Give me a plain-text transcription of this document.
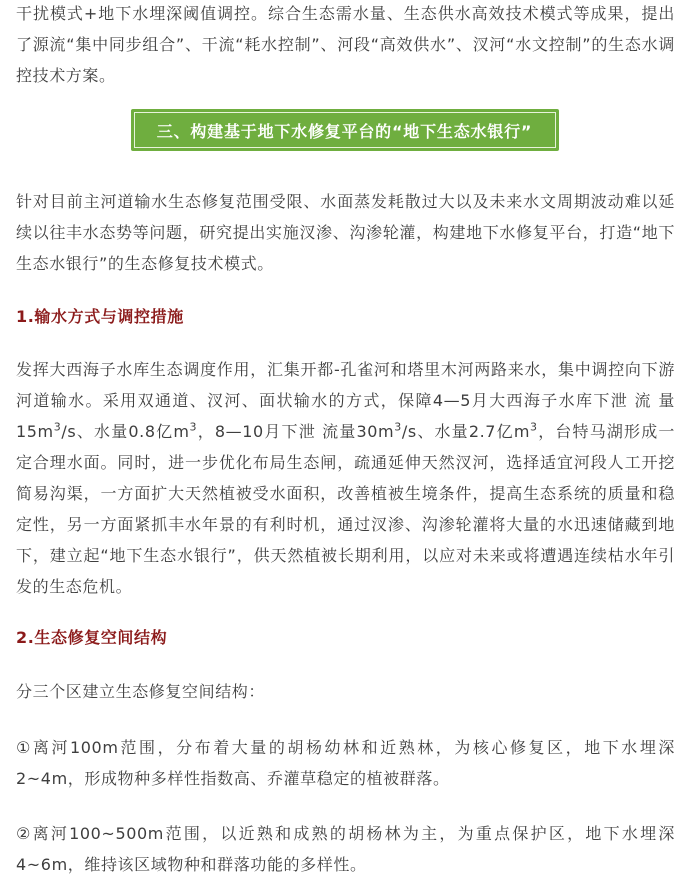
干扰模式+地下水埋深阈值调控。综合生态需水量、生态供水高效技术模式等成果，提出了源流“集中同步组合”、干流“耗水控制”、河段“高效供水”、汊河“水文控制”的生态水调控技术方案。

三、构建基于地下水修复平台的“地下生态水银行”

针对目前主河道输水生态修复范围受限、水面蒸发耗散过大以及未来水文周期波动难以延续以往丰水态势等问题，研究提出实施汊渗、沟渗轮灌，构建地下水修复平台，打造“地下生态水银行”的生态修复技术模式。

1.输水方式与调控措施

发挥大西海子水库生态调度作用，汇集开都-孔雀河和塔里木河两路来水，集中调控向下游河道输水。采用双通道、汊河、面状输水的方式，保障4—5月大西海子水库下泄 流 量$15m^3/s$、水量0.8亿$m^3$，8—10月下泄 流量$30m^3/s$、水量2.7亿$m^3$，台特马湖形成一定合理水面。同时，进一步优化布局生态闸，疏通延伸天然汊河，选择适宜河段人工开挖简易沟渠，一方面扩大天然植被受水面积，改善植被生境条件，提高生态系统的质量和稳定性，另一方面紧抓丰水年景的有利时机，通过汊渗、沟渗轮灌将大量的水迅速储藏到地下，建立起“地下生态水银行”，供天然植被长期利用，以应对未来或将遭遇连续枯水年引发的生态危机。

2.生态修复空间结构

分三个区建立生态修复空间结构：

①离河100m范围，分布着大量的胡杨幼林和近熟林，为核心修复区，地下水埋深2~4m，形成物种多样性指数高、乔灌草稳定的植被群落。

②离河100~500m范围，以近熟和成熟的胡杨林为主，为重点保护区，地下水埋深4~6m，维持该区域物种和群落功能的多样性。
